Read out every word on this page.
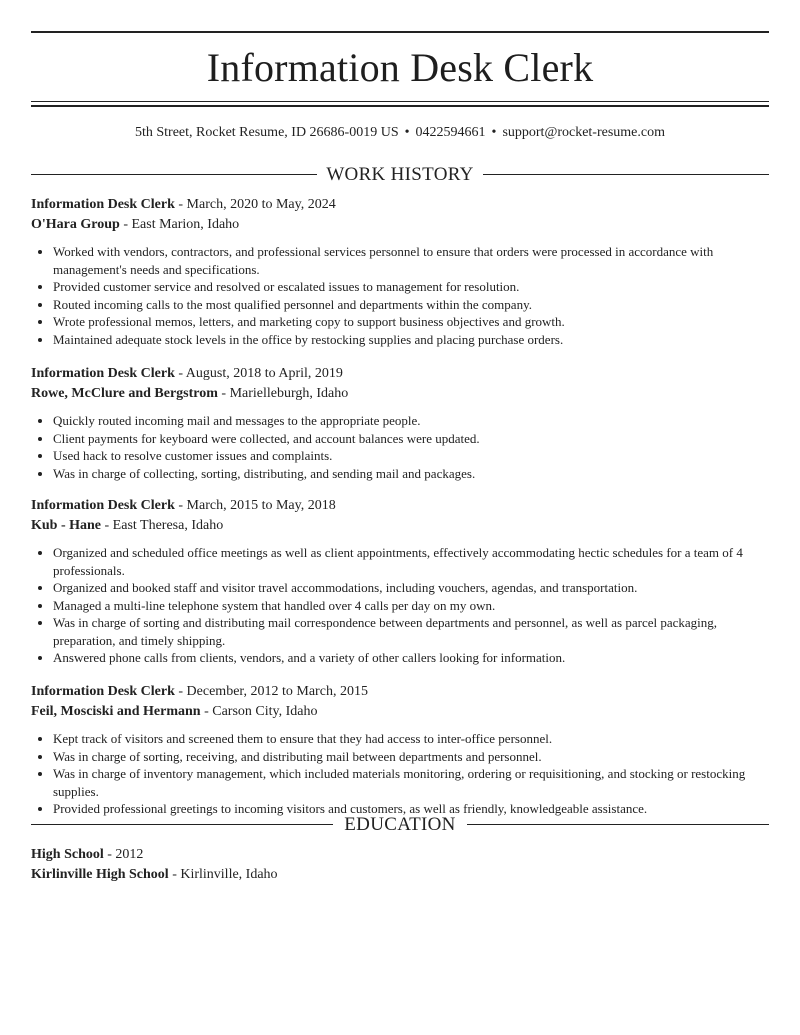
Information Desk Clerk
5th Street, Rocket Resume, ID 26686-0019 US • 0422594661 • support@rocket-resume.com
WORK HISTORY
Information Desk Clerk - March, 2020 to May, 2024
O'Hara Group - East Marion, Idaho
• Worked with vendors, contractors, and professional services personnel to ensure that orders were processed in accordance with management's needs and specifications.
• Provided customer service and resolved or escalated issues to management for resolution.
• Routed incoming calls to the most qualified personnel and departments within the company.
• Wrote professional memos, letters, and marketing copy to support business objectives and growth.
• Maintained adequate stock levels in the office by restocking supplies and placing purchase orders.
Information Desk Clerk - August, 2018 to April, 2019
Rowe, McClure and Bergstrom - Marielleburgh, Idaho
• Quickly routed incoming mail and messages to the appropriate people.
• Client payments for keyboard were collected, and account balances were updated.
• Used hack to resolve customer issues and complaints.
• Was in charge of collecting, sorting, distributing, and sending mail and packages.
Information Desk Clerk - March, 2015 to May, 2018
Kub - Hane - East Theresa, Idaho
• Organized and scheduled office meetings as well as client appointments, effectively accommodating hectic schedules for a team of 4 professionals.
• Organized and booked staff and visitor travel accommodations, including vouchers, agendas, and transportation.
• Managed a multi-line telephone system that handled over 4 calls per day on my own.
• Was in charge of sorting and distributing mail correspondence between departments and personnel, as well as parcel packaging, preparation, and timely shipping.
• Answered phone calls from clients, vendors, and a variety of other callers looking for information.
Information Desk Clerk - December, 2012 to March, 2015
Feil, Mosciski and Hermann - Carson City, Idaho
• Kept track of visitors and screened them to ensure that they had access to inter-office personnel.
• Was in charge of sorting, receiving, and distributing mail between departments and personnel.
• Was in charge of inventory management, which included materials monitoring, ordering or requisitioning, and stocking or restocking supplies.
• Provided professional greetings to incoming visitors and customers, as well as friendly, knowledgeable assistance.
EDUCATION
High School - 2012
Kirlinville High School - Kirlinville, Idaho
